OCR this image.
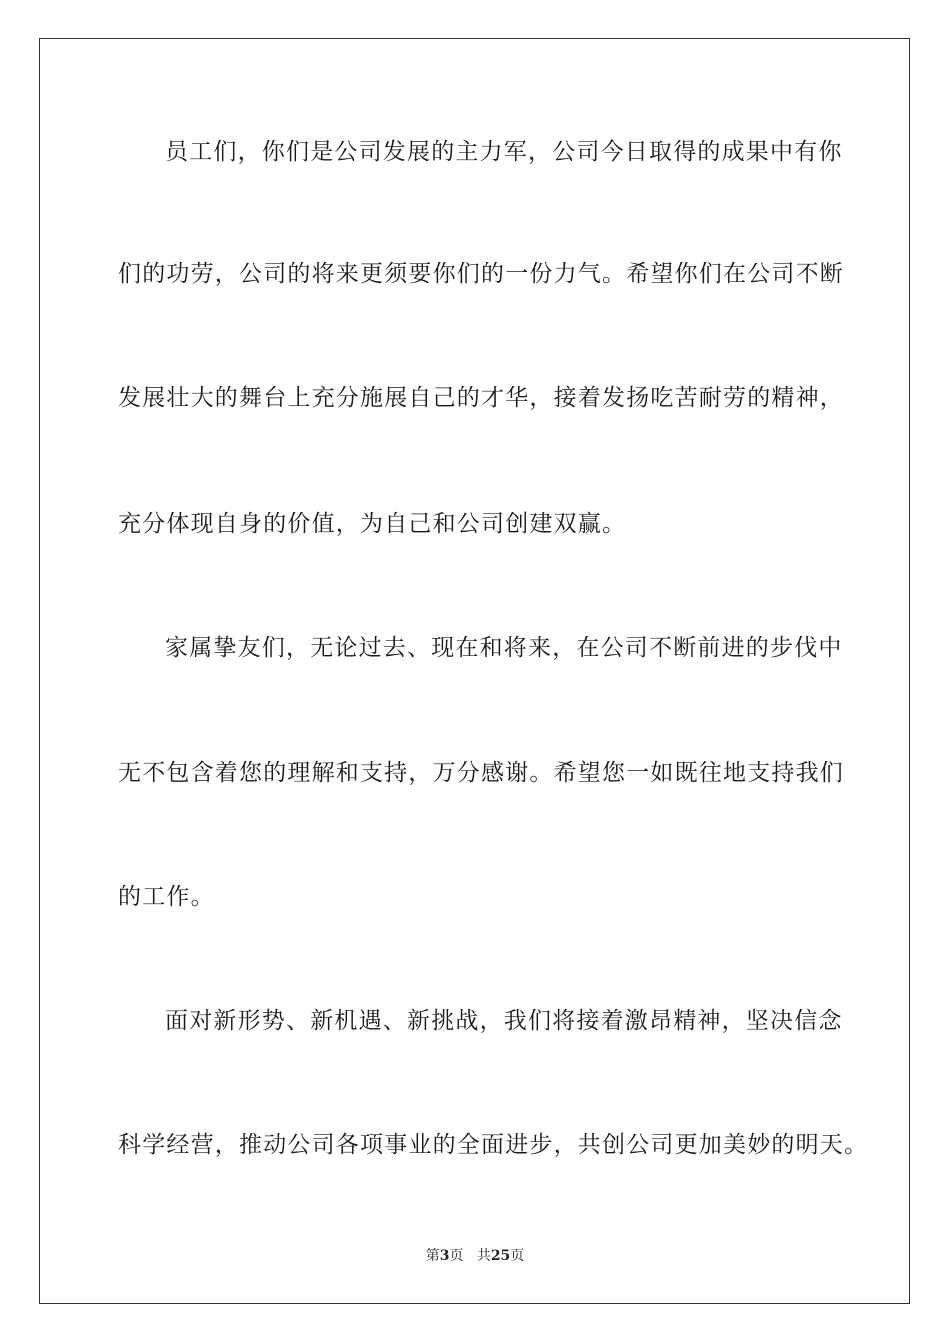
员工们，你们是公司发展的主力军，公司今日取得的成果中有你
们的功劳，公司的将来更须要你们的一份力气。希望你们在公司不断
发展壮大的舞台上充分施展自己的才华，接着发扬吃苦耐劳的精神，
充分体现自身的价值，为自己和公司创建双赢。
家属挚友们，无论过去、现在和将来，在公司不断前进的步伐中
无不包含着您的理解和支持，万分感谢。希望您一如既往地支持我们
的工作。
面对新形势、新机遇、新挑战，我们将接着激昂精神，坚决信念
科学经营，推动公司各项事业的全面进步，共创公司更加美妙的明天。
第3页 共25页
